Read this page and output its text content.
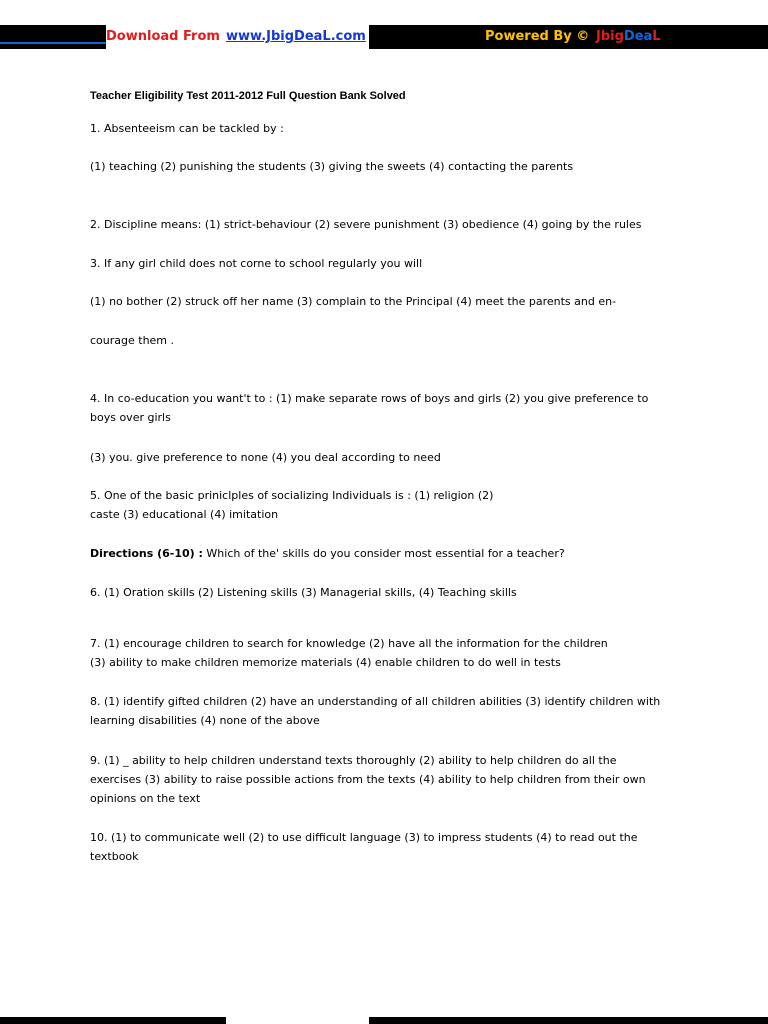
Download From www.JbigDeaL.com	Powered By © JbigDeaL
Teacher Eligibility Test 2011-2012 Full Question Bank Solved
1. Absenteeism can be tackled by :
(1) teaching (2) punishing the students (3) giving the sweets (4) contacting the parents
2. Discipline means: (1) strict-behaviour (2) severe punishment (3) obedience (4) going by the rules
3. If any girl child does not corne to school regularly you will
(1) no bother (2) struck off her name (3) complain to the Principal (4) meet the parents and en-
courage them .
4. In co-education you want't to : (1) make separate rows of boys and girls (2) you give preference to
boys over girls
(3) you. give preference to none (4) you deal according to need
5. One of the basic priniclples of socializing Individuals is : (1) religion (2)
caste (3) educational (4) imitation
Directions (6-10) : Which of the' skills do you consider most essential for a teacher?
6. (1) Oration skills (2) Listening skills (3) Managerial skills, (4) Teaching skills
7. (1) encourage children to search for knowledge (2) have all the information for the children
(3) ability to make children memorize materials (4) enable children to do well in tests
8. (1) identify gifted children (2) have an understanding of all children abilities (3) identify children with
learning disabilities (4) none of the above
9. (1) _ ability to help children understand texts thoroughly (2) ability to help children do all the
exercises (3) ability to raise possible actions from the texts (4) ability to help children from their own
opinions on the text
10. (1) to communicate well (2) to use difficult language (3) to impress students (4) to read out the
textbook
